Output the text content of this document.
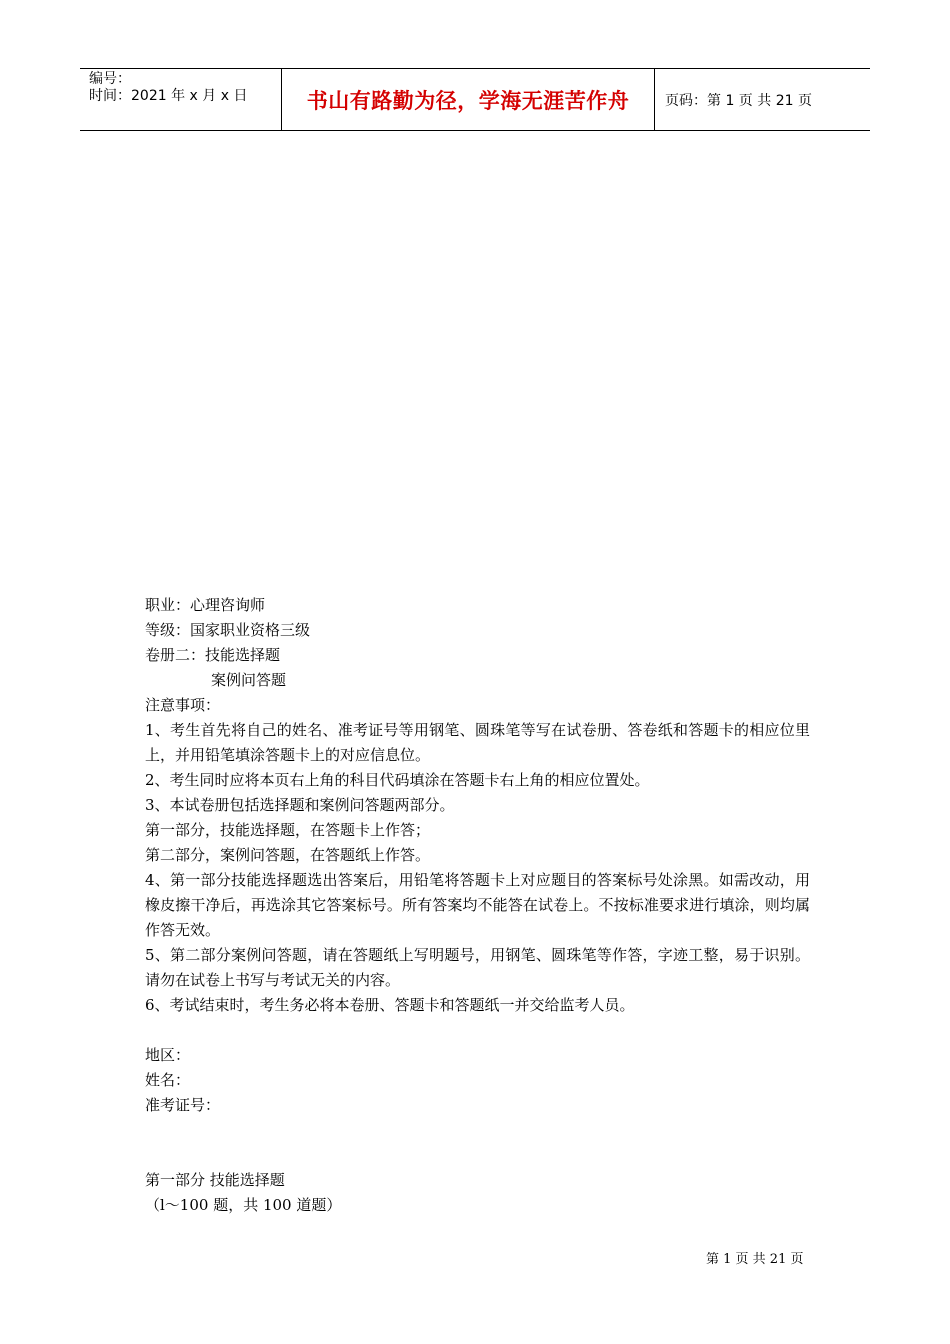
编号：
时间：2021 年 x 月 x 日	书山有路勤为径，学海无涯苦作舟	页码：第 1 页 共 21 页
职业：心理咨询师
等级：国家职业资格三级
卷册二：技能选择题
案例问答题
注意事项：
1、考生首先将自己的姓名、准考证号等用钢笔、圆珠笔等写在试卷册、答卷纸和答题卡的相应位里上，并用铅笔填涂答题卡上的对应信息位。
2、考生同时应将本页右上角的科目代码填涂在答题卡右上角的相应位置处。
3、本试卷册包括选择题和案例问答题两部分。
第一部分，技能选择题，在答题卡上作答；
第二部分，案例问答题，在答题纸上作答。
4、第一部分技能选择题选出答案后，用铅笔将答题卡上对应题目的答案标号处涂黑。如需改动，用橡皮擦干净后，再选涂其它答案标号。所有答案均不能答在试卷上。不按标准要求进行填涂，则均属作答无效。
5、第二部分案例问答题，请在答题纸上写明题号，用钢笔、圆珠笔等作答，字迹工整，易于识别。请勿在试卷上书写与考试无关的内容。
6、考试结束时，考生务必将本卷册、答题卡和答题纸一并交给监考人员。
地区：
姓名：
准考证号：
第一部分 技能选择题
（l～100 题，共 100 道题）
第 1 页 共 21 页
